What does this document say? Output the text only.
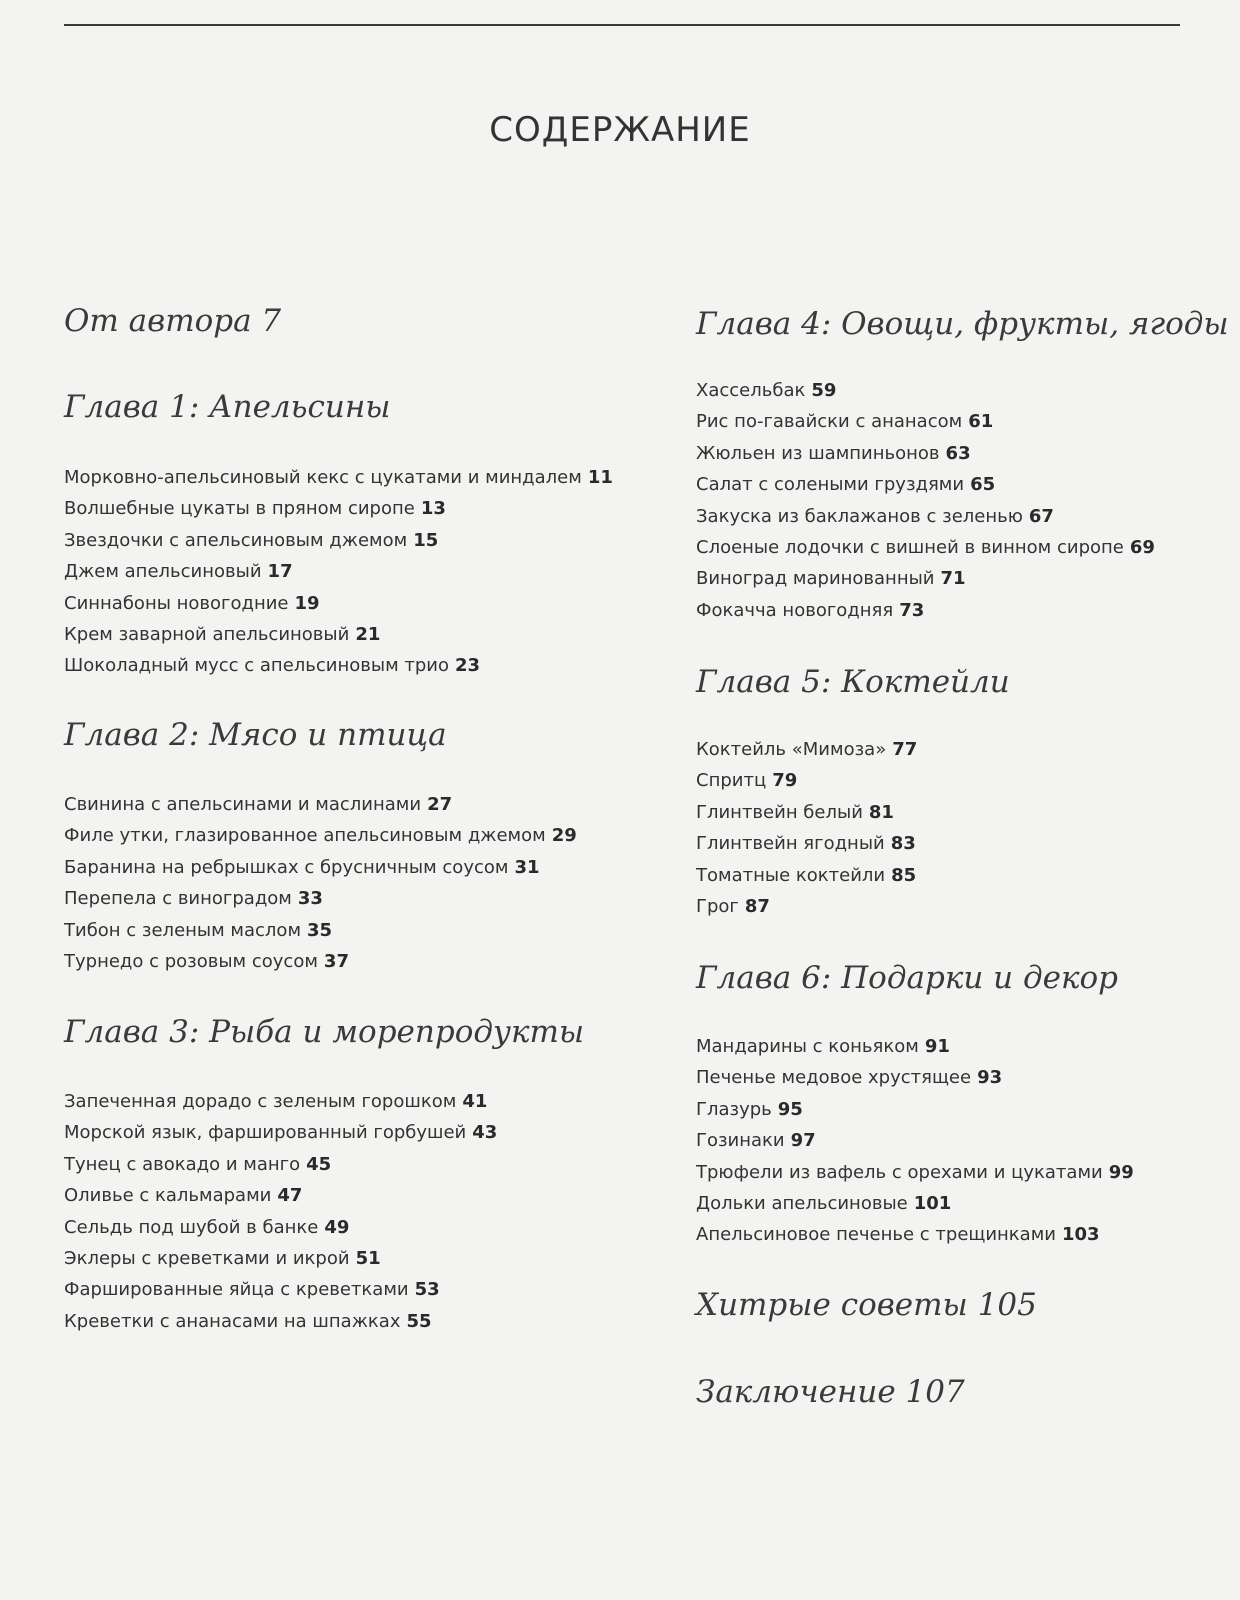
СОДЕРЖАНИЕ
От автора 7
Глава 1: Апельсины
Морковно-апельсиновый кекс с цукатами и миндалем 11
Волшебные цукаты в пряном сиропе 13
Звездочки с апельсиновым джемом 15
Джем апельсиновый 17
Синнабоны новогодние 19
Крем заварной апельсиновый 21
Шоколадный мусс с апельсиновым трио 23
Глава 2: Мясо и птица
Свинина с апельсинами и маслинами 27
Филе утки, глазированное апельсиновым джемом 29
Баранина на ребрышках с брусничным соусом 31
Перепела с виноградом 33
Тибон с зеленым маслом 35
Турнедо с розовым соусом 37
Глава 3: Рыба и морепродукты
Запеченная дорадо с зеленым горошком 41
Морской язык, фаршированный горбушей 43
Тунец с авокадо и манго 45
Оливье с кальмарами 47
Сельдь под шубой в банке 49
Эклеры с креветками и икрой 51
Фаршированные яйца с креветками 53
Креветки с ананасами на шпажках 55
Глава 4: Овощи, фрукты, ягоды
Хассельбак 59
Рис по-гавайски с ананасом 61
Жюльен из шампиньонов 63
Салат с солеными груздями 65
Закуска из баклажанов с зеленью 67
Слоеные лодочки с вишней в винном сиропе 69
Виноград маринованный 71
Фокачча новогодняя 73
Глава 5: Коктейли
Коктейль «Мимоза» 77
Спритц 79
Глинтвейн белый 81
Глинтвейн ягодный 83
Томатные коктейли 85
Грог 87
Глава 6: Подарки и декор
Мандарины с коньяком 91
Печенье медовое хрустящее 93
Глазурь 95
Гозинаки 97
Трюфели из вафель с орехами и цукатами 99
Дольки апельсиновые 101
Апельсиновое печенье с трещинками 103
Хитрые советы 105
Заключение 107
